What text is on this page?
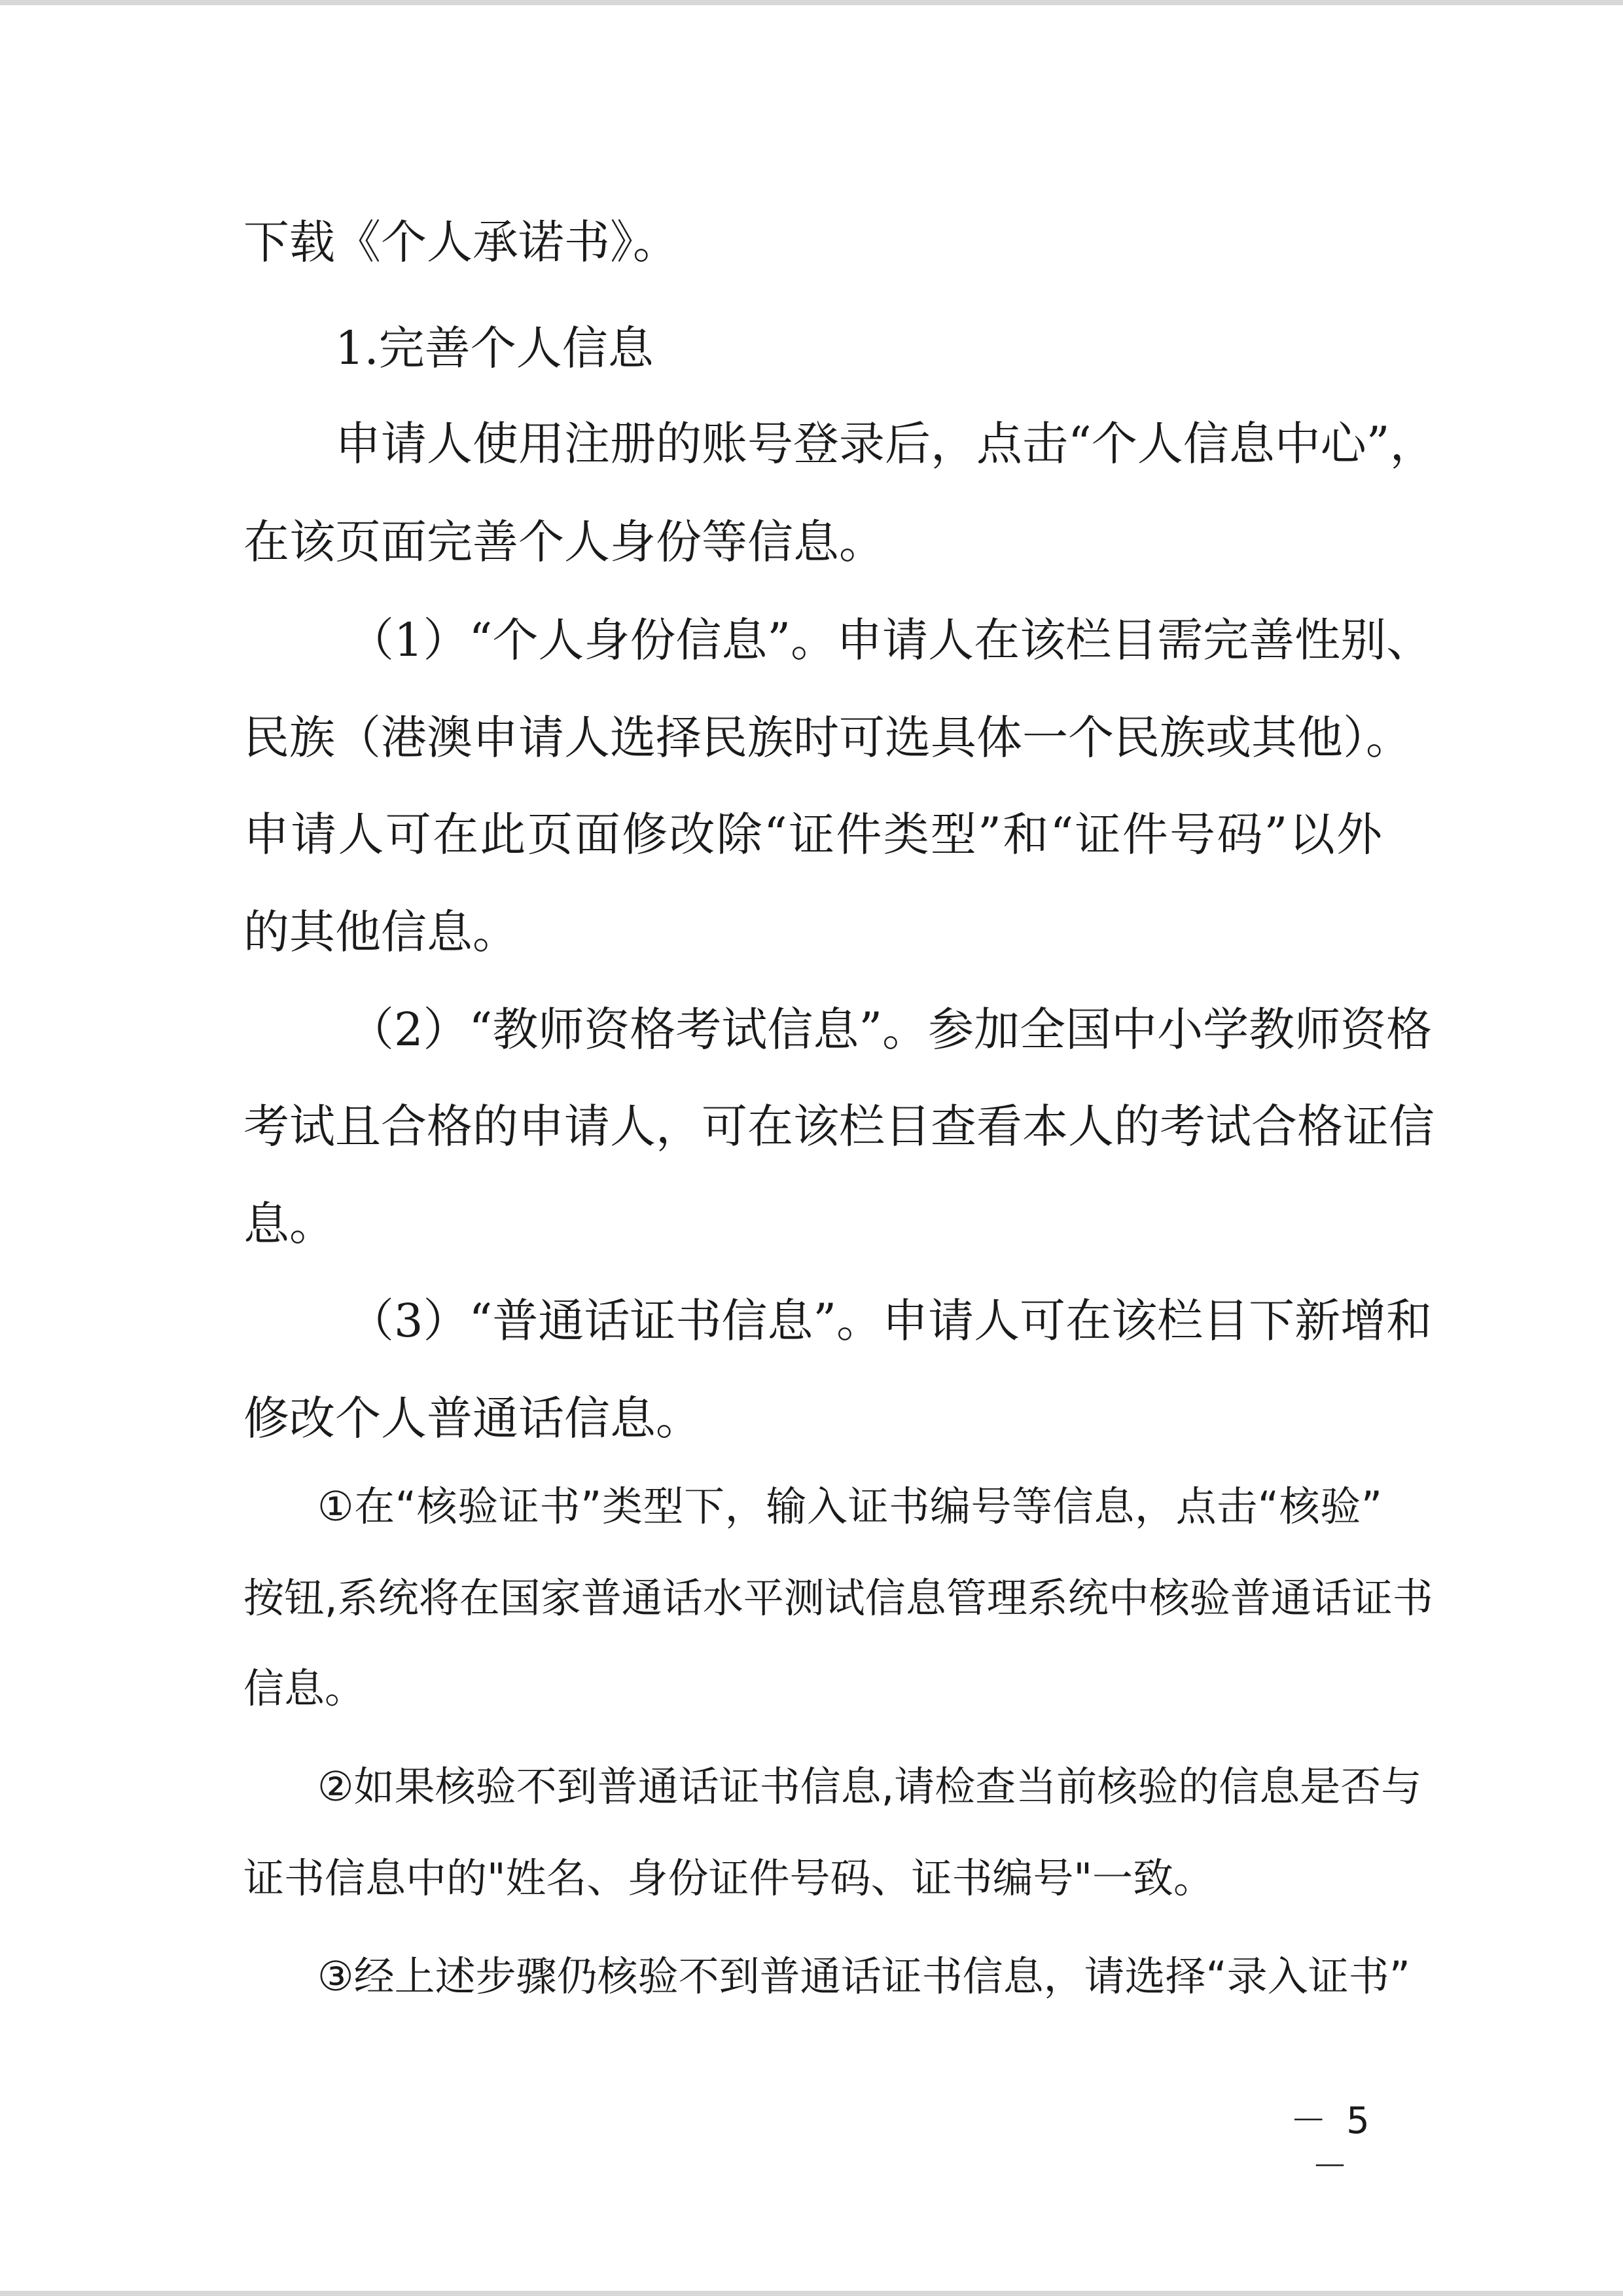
下载《个人承诺书》。
1.完善个人信息
申请人使用注册的账号登录后，点击“个人信息中心”，
在该页面完善个人身份等信息。
（1）“个人身份信息”。申请人在该栏目需完善性别、
民族（港澳申请人选择民族时可选具体一个民族或其他）。
申请人可在此页面修改除“证件类型”和“证件号码”以外
的其他信息。
（2）“教师资格考试信息”。参加全国中小学教师资格
考试且合格的申请人，可在该栏目查看本人的考试合格证信
息。
（3）“普通话证书信息”。申请人可在该栏目下新增和
修改个人普通话信息。
①在“核验证书”类型下，输入证书编号等信息，点击“核验”
按钮,系统将在国家普通话水平测试信息管理系统中核验普通话证书
信息。
②如果核验不到普通话证书信息,请检查当前核验的信息是否与
证书信息中的"姓名、身份证件号码、证书编号"一致。
③经上述步骤仍核验不到普通话证书信息，请选择“录入证书”
－ 5 －
